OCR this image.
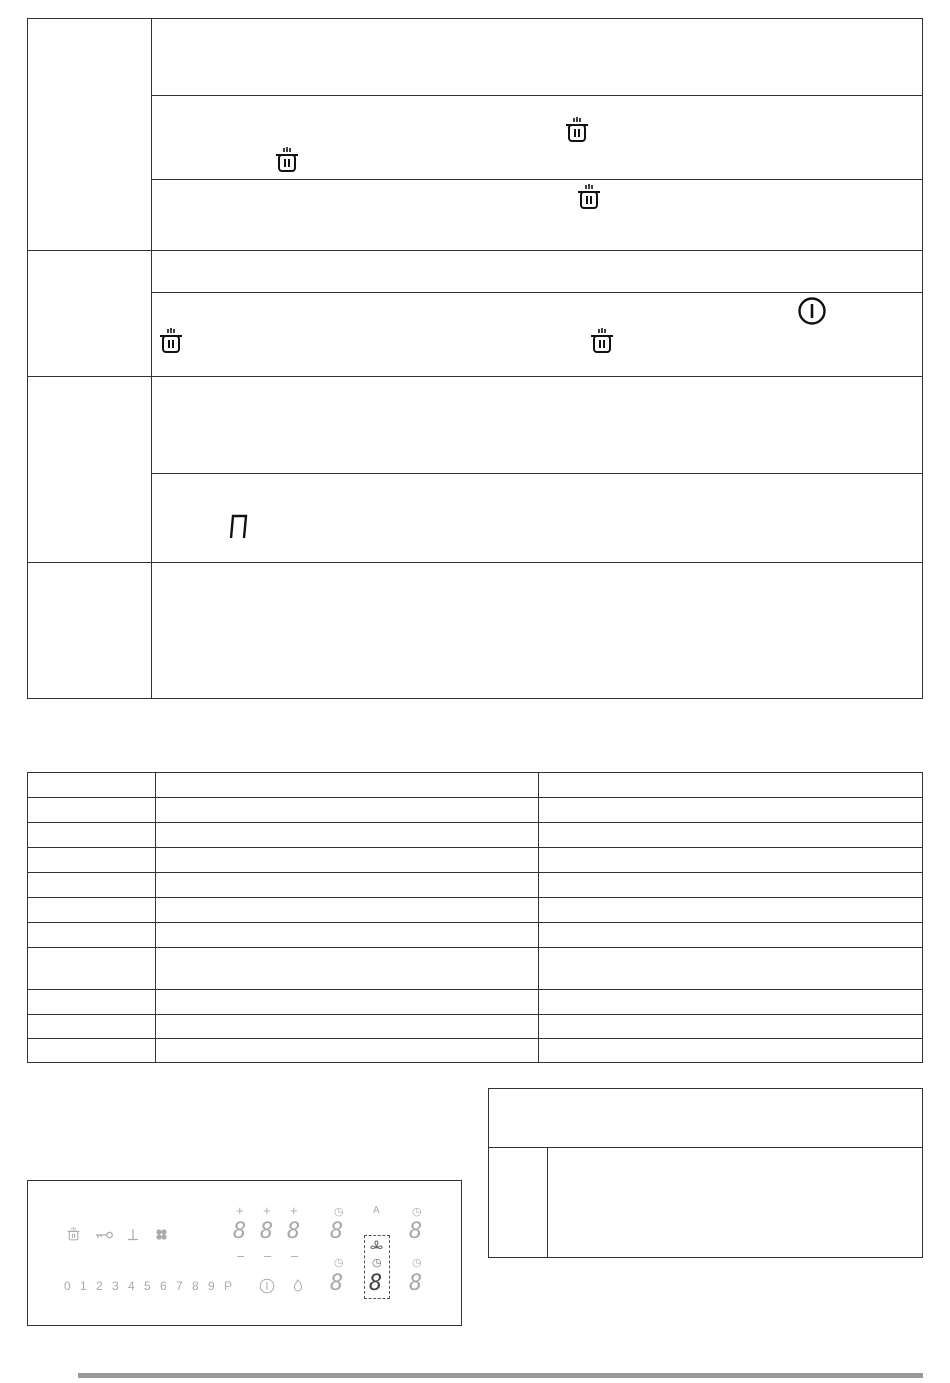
+ + +
8 8 8 8	8
– – –
◷	◷
◷	◷
A
◷
8
0 1 2 3 4 5 6 7 8 9 P	8	8
